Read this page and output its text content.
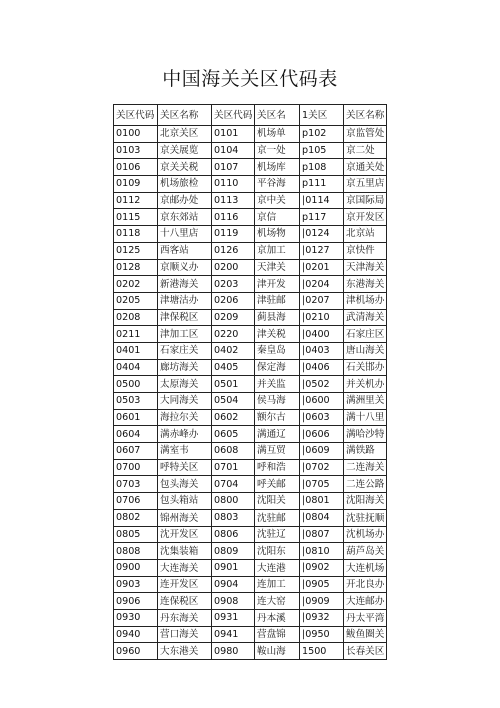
中国海关关区代码表
关区代码	关区名称	关区代码	关区名	1关区	关区名称
0100	北京关区	0101	机场单	p102	京监管处
0103	京关展览	0104	京一处	p105	京二处
0106	京关关税	0107	机场库	p108	京通关处
0109	机场旅检	0110	平谷海	p111	京五里店
0112	京邮办处	0113	京中关	|0114	京国际局
0115	京东郊站	0116	京信	p117	京开发区
0118	十八里店	0119	机场物	|0124	北京站
0125	西客站	0126	京加工	|0127	京快件
0128	京顺义办	0200	天津关	|0201	天津海关
0202	新港海关	0203	津开发	|0204	东港海关
0205	津塘沽办	0206	津驻邮	|0207	津机场办
0208	津保税区	0209	蓟县海	|0210	武清海关
0211	津加工区	0220	津关税	|0400	石家庄区
0401	石家庄关	0402	秦皇岛	|0403	唐山海关
0404	廊坊海关	0405	保定海	|0406	石关邯办
0500	太原海关	0501	并关监	|0502	并关机办
0503	大同海关	0504	侯马海	|0600	满洲里关
0601	海拉尔关	0602	额尔古	|0603	满十八里
0604	满赤峰办	0605	满通辽	|0606	满哈沙特
0607	满室韦	0608	满互贸	|0609	满铁路
0700	呼特关区	0701	呼和浩	|0702	二连海关
0703	包头海关	0704	呼关邮	|0705	二连公路
0706	包头箱站	0800	沈阳关	|0801	沈阳海关
0802	锦州海关	0803	沈驻邮	|0804	沈驻抚顺
0805	沈开发区	0806	沈驻辽	|0807	沈机场办
0808	沈集装箱	0809	沈阳东	|0810	葫芦岛关
0900	大连海关	0901	大连港	|0902	大连机场
0903	连开发区	0904	连加工	|0905	开北良办
0906	连保税区	0908	连大窑	|0909	大连邮办
0930	丹东海关	0931	丹本溪	|0932	丹太平湾
0940	营口海关	0941	营盘锦	|0950	鲅鱼圈关
0960	大东港关	0980	鞍山海	1500	长春关区
